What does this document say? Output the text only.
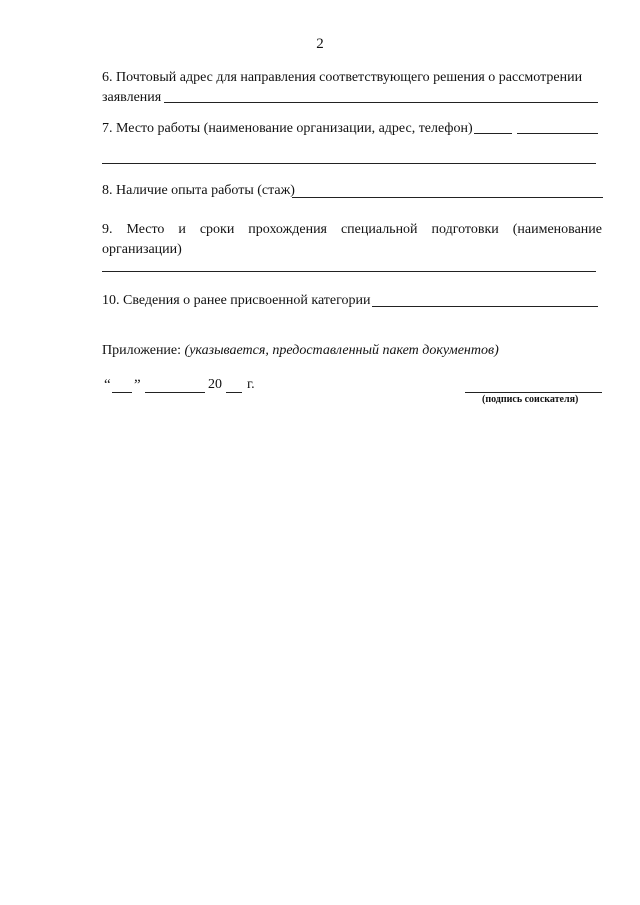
2
6. Почтовый адрес для направления соответствующего решения о рассмотрении
заявления
7. Место работы (наименование организации, адрес, телефон)
8. Наличие опыта работы (стаж)
9. Место и сроки прохождения специальной подготовки (наименование
организации)
10. Сведения о ранее присвоенной категории
Приложение: (указывается, предоставленный пакет документов)
“ ”	20 г.
(подпись соискателя)
